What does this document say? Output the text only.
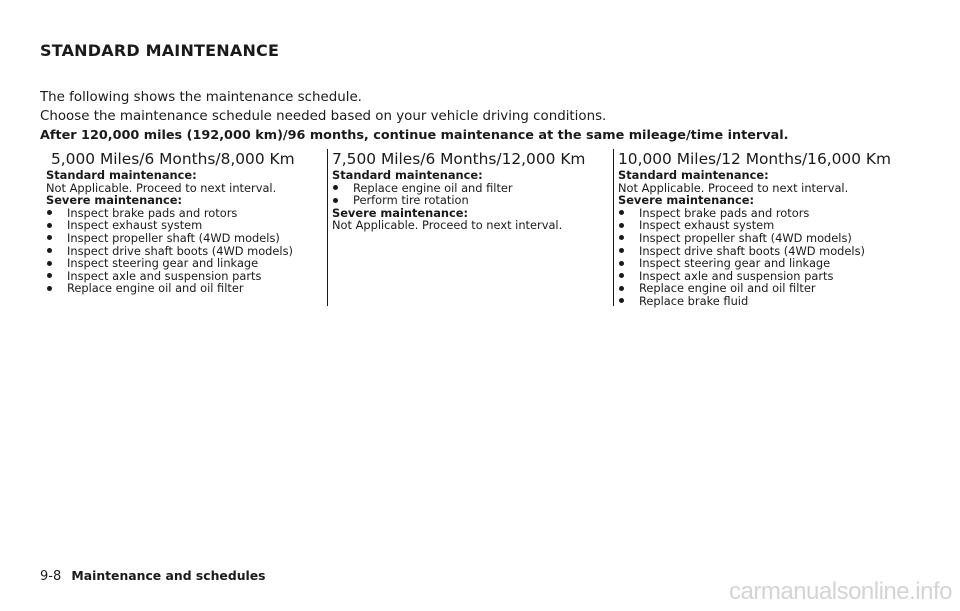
STANDARD MAINTENANCE

The following shows the maintenance schedule.

Choose the maintenance schedule needed based on your vehicle driving conditions.

After 120,000 miles (192,000 km)/96 months, continue maintenance at the same mileage/time interval.

5,000 Miles/6 Months/8,000 Km
Standard maintenance:
Not Applicable. Proceed to next interval.
Severe maintenance:
Inspect brake pads and rotors
Inspect exhaust system
Inspect propeller shaft (4WD models)
Inspect drive shaft boots (4WD models)
Inspect steering gear and linkage
Inspect axle and suspension parts
Replace engine oil and oil filter
7,500 Miles/6 Months/12,000 Km
Standard maintenance:
Replace engine oil and filter
Perform tire rotation
Severe maintenance:
Not Applicable. Proceed to next interval.
10,000 Miles/12 Months/16,000 Km
Standard maintenance:
Not Applicable. Proceed to next interval.
Severe maintenance:
Inspect brake pads and rotors
Inspect exhaust system
Inspect propeller shaft (4WD models)
Inspect drive shaft boots (4WD models)
Inspect steering gear and linkage
Inspect axle and suspension parts
Replace engine oil and oil filter
Replace brake fluid
9-8 Maintenance and schedules
carmanualsonline.info
